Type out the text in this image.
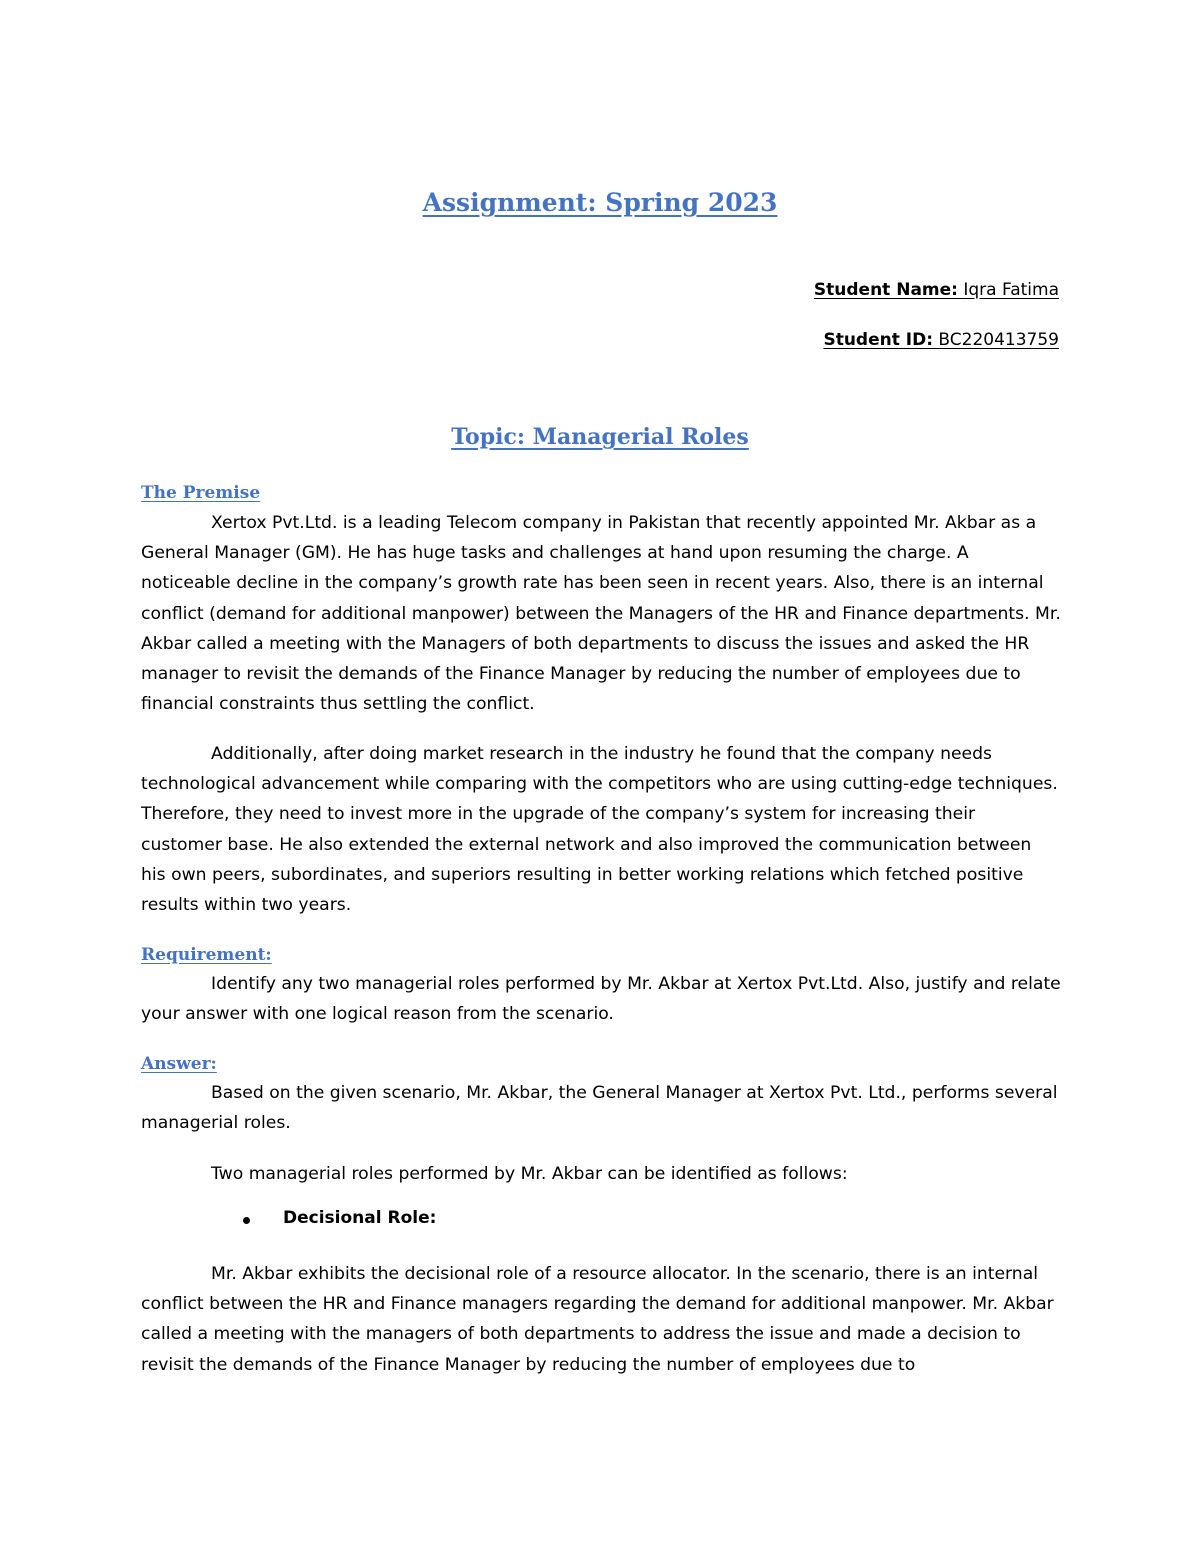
Assignment: Spring 2023
Student Name: Iqra Fatima
Student ID: BC220413759
Topic: Managerial Roles
The Premise

Xertox Pvt.Ltd. is a leading Telecom company in Pakistan that recently appointed Mr. Akbar as a General Manager (GM). He has huge tasks and challenges at hand upon resuming the charge. A noticeable decline in the company’s growth rate has been seen in recent years. Also, there is an internal conflict (demand for additional manpower) between the Managers of the HR and Finance departments. Mr. Akbar called a meeting with the Managers of both departments to discuss the issues and asked the HR manager to revisit the demands of the Finance Manager by reducing the number of employees due to financial constraints thus settling the conflict.

Additionally, after doing market research in the industry he found that the company needs technological advancement while comparing with the competitors who are using cutting-edge techniques. Therefore, they need to invest more in the upgrade of the company’s system for increasing their customer base. He also extended the external network and also improved the communication between his own peers, subordinates, and superiors resulting in better working relations which fetched positive results within two years.

Requirement:

Identify any two managerial roles performed by Mr. Akbar at Xertox Pvt.Ltd. Also, justify and relate your answer with one logical reason from the scenario.

Answer:

Based on the given scenario, Mr. Akbar, the General Manager at Xertox Pvt. Ltd., performs several managerial roles.

Two managerial roles performed by Mr. Akbar can be identified as follows:

Decisional Role:

Mr. Akbar exhibits the decisional role of a resource allocator. In the scenario, there is an internal conflict between the HR and Finance managers regarding the demand for additional manpower. Mr. Akbar called a meeting with the managers of both departments to address the issue and made a decision to revisit the demands of the Finance Manager by reducing the number of employees due to
